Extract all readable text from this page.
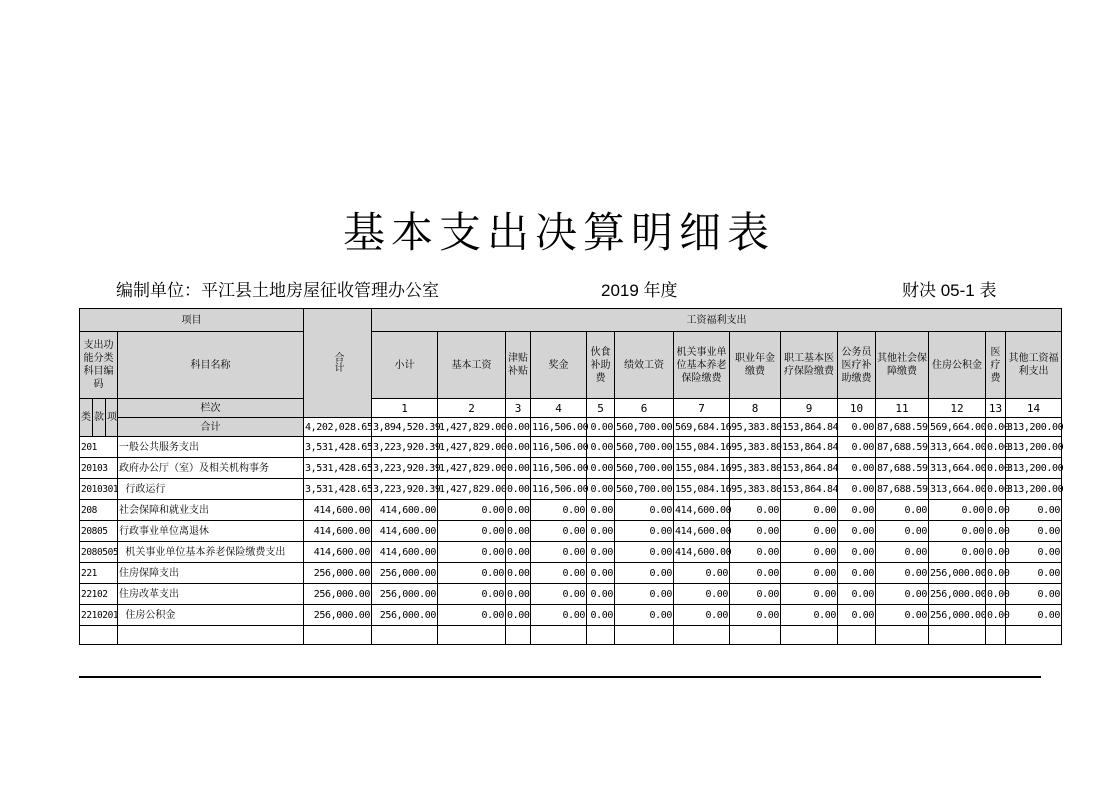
基本支出决算明细表
编制单位：平江县土地房屋征收管理办公室	2019 年度	财决 05-1 表
项目				合计	工资福利支出														
支出功能分类科目编码			科目名称		小计	基本工资	津贴补贴	奖金	伙食补助费	绩效工资	机关事业单位基本养老保险缴费	职业年金缴费	职工基本医疗保险缴费	公务员医疗补助缴费	其他社会保障缴费	住房公积金	医疗费	其他工资福利支出	
类	款	项	栏次		1	2	3	4	5	6	7	8	9	10	11	12	13	14	
			合计	4,202,028.65	3,894,520.39	1,427,829.00	0.00	116,506.00	0.00	560,700.00	569,684.16	95,383.80	153,864.84	0.00	87,688.59	569,664.00	0.00	313,200.00	
201			一般公共服务支出	3,531,428.65	3,223,920.39	1,427,829.00	0.00	116,506.00	0.00	560,700.00	155,084.16	95,383.80	153,864.84	0.00	87,688.59	313,664.00	0.00	313,200.00	
20103			政府办公厅（室）及相关机构事务	3,531,428.65	3,223,920.39	1,427,829.00	0.00	116,506.00	0.00	560,700.00	155,084.16	95,383.80	153,864.84	0.00	87,688.59	313,664.00	0.00	313,200.00	
2010301			行政运行	3,531,428.65	3,223,920.39	1,427,829.00	0.00	116,506.00	0.00	560,700.00	155,084.16	95,383.80	153,864.84	0.00	87,688.59	313,664.00	0.00	313,200.00	
208			社会保障和就业支出	414,600.00	414,600.00	0.00	0.00	0.00	0.00	0.00	414,600.00	0.00	0.00	0.00	0.00	0.00	0.00	0.00	
20805			行政事业单位离退休	414,600.00	414,600.00	0.00	0.00	0.00	0.00	0.00	414,600.00	0.00	0.00	0.00	0.00	0.00	0.00	0.00	
2080505			机关事业单位基本养老保险缴费支出	414,600.00	414,600.00	0.00	0.00	0.00	0.00	0.00	414,600.00	0.00	0.00	0.00	0.00	0.00	0.00	0.00	
221			住房保障支出	256,000.00	256,000.00	0.00	0.00	0.00	0.00	0.00	0.00	0.00	0.00	0.00	0.00	256,000.00	0.00	0.00	
22102			住房改革支出	256,000.00	256,000.00	0.00	0.00	0.00	0.00	0.00	0.00	0.00	0.00	0.00	0.00	256,000.00	0.00	0.00	
2210201			住房公积金	256,000.00	256,000.00	0.00	0.00	0.00	0.00	0.00	0.00	0.00	0.00	0.00	0.00	256,000.00	0.00	0.00	
